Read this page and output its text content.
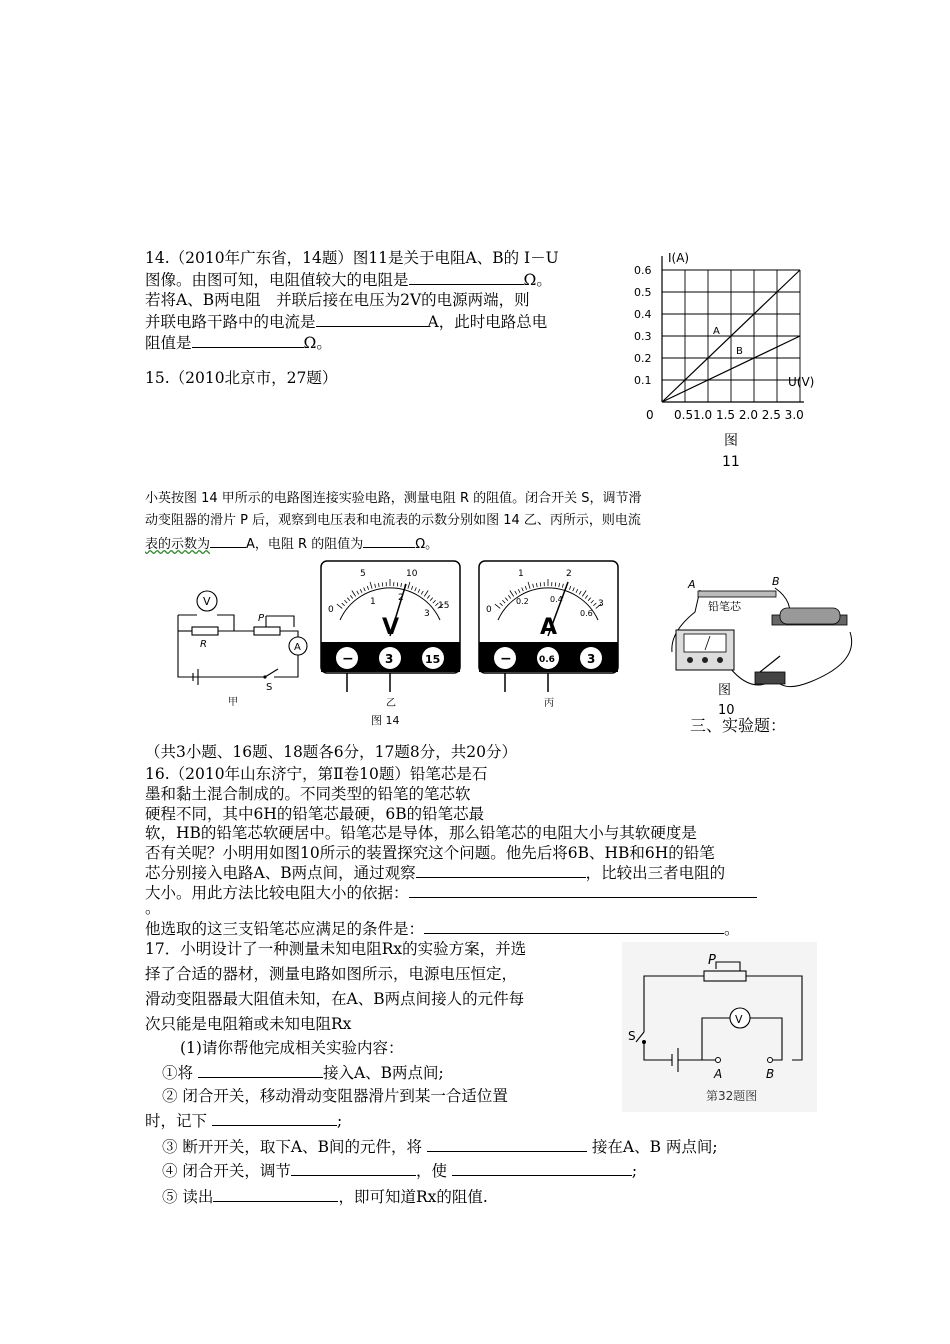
14.（2010年广东省，14题）图11是关于电阻A、B的 I－U
图像。由图可知，电阻值较大的电阻是	Ω。
若将A、B两电阻　并联后接在电压为2V的电源两端，则
并联电路干路中的电流是	A，此时电路总电
阻值是	Ω。
A
B
I(A)
U(V)
0.6
0.5
0.4
0.3
0.2
0.1
0 0.51.0 1.5 2.0 2.5 3.0
图
11
15.（2010北京市，27题）
小英按图 14 甲所示的电路图连接实验电路，测量电阻 R 的阻值。闭合开关 S，调节滑
动变阻器的滑片 P 后，观察到电压表和电流表的示数分别如图 14 乙、丙所示，则电流
表的示数为	A，电阻 R 的阻值为	Ω。
V
A
R
P
S
甲
0
5	10
15
1 2
3
V
−	3	15
乙
0
1	2
3
0.2	0.4
0.6
A
−	0.6	3
丙
图 14
A	B
铅笔芯
图
10
三、实验题：
（共3小题、16题、18题各6分，17题8分，共20分）
16.（2010年山东济宁，第Ⅱ卷10题）铅笔芯是石
墨和黏土混合制成的。不同类型的铅笔的笔芯软
硬程不同，其中6H的铅笔芯最硬，6B的铅笔芯最
软，HB的铅笔芯软硬居中。铅笔芯是导体，那么铅笔芯的电阻大小与其软硬度是
否有关呢？小明用如图10所示的装置探究这个问题。他先后将6B、HB和6H的铅笔
芯分别接入电路A、B两点间，通过观察	，比较出三者电阻的
大小。用此方法比较电阻大小的依据：
。
他选取的这三支铅笔芯应满足的条件是：	。
17．小明设计了一种测量未知电阻Rx的实验方案，并选
择了合适的器材，测量电路如图所示，电源电压恒定，
滑动变阻器最大阻值未知，在A、B两点间接人的元件每
次只能是电阻箱或未知电阻Rx
(1)请你帮他完成相关实验内容：
①将	接入A、B两点间;
② 闭合开关，移动滑动变阻器滑片到某一合适位置
时，记下	;
③ 断开开关，取下A、B间的元件，将	接在A、B 两点间;
④ 闭合开关，调节	，使	;
⑤ 读出	，即可知道Rx的阻值.
P
S
V
A	B
第32题图
